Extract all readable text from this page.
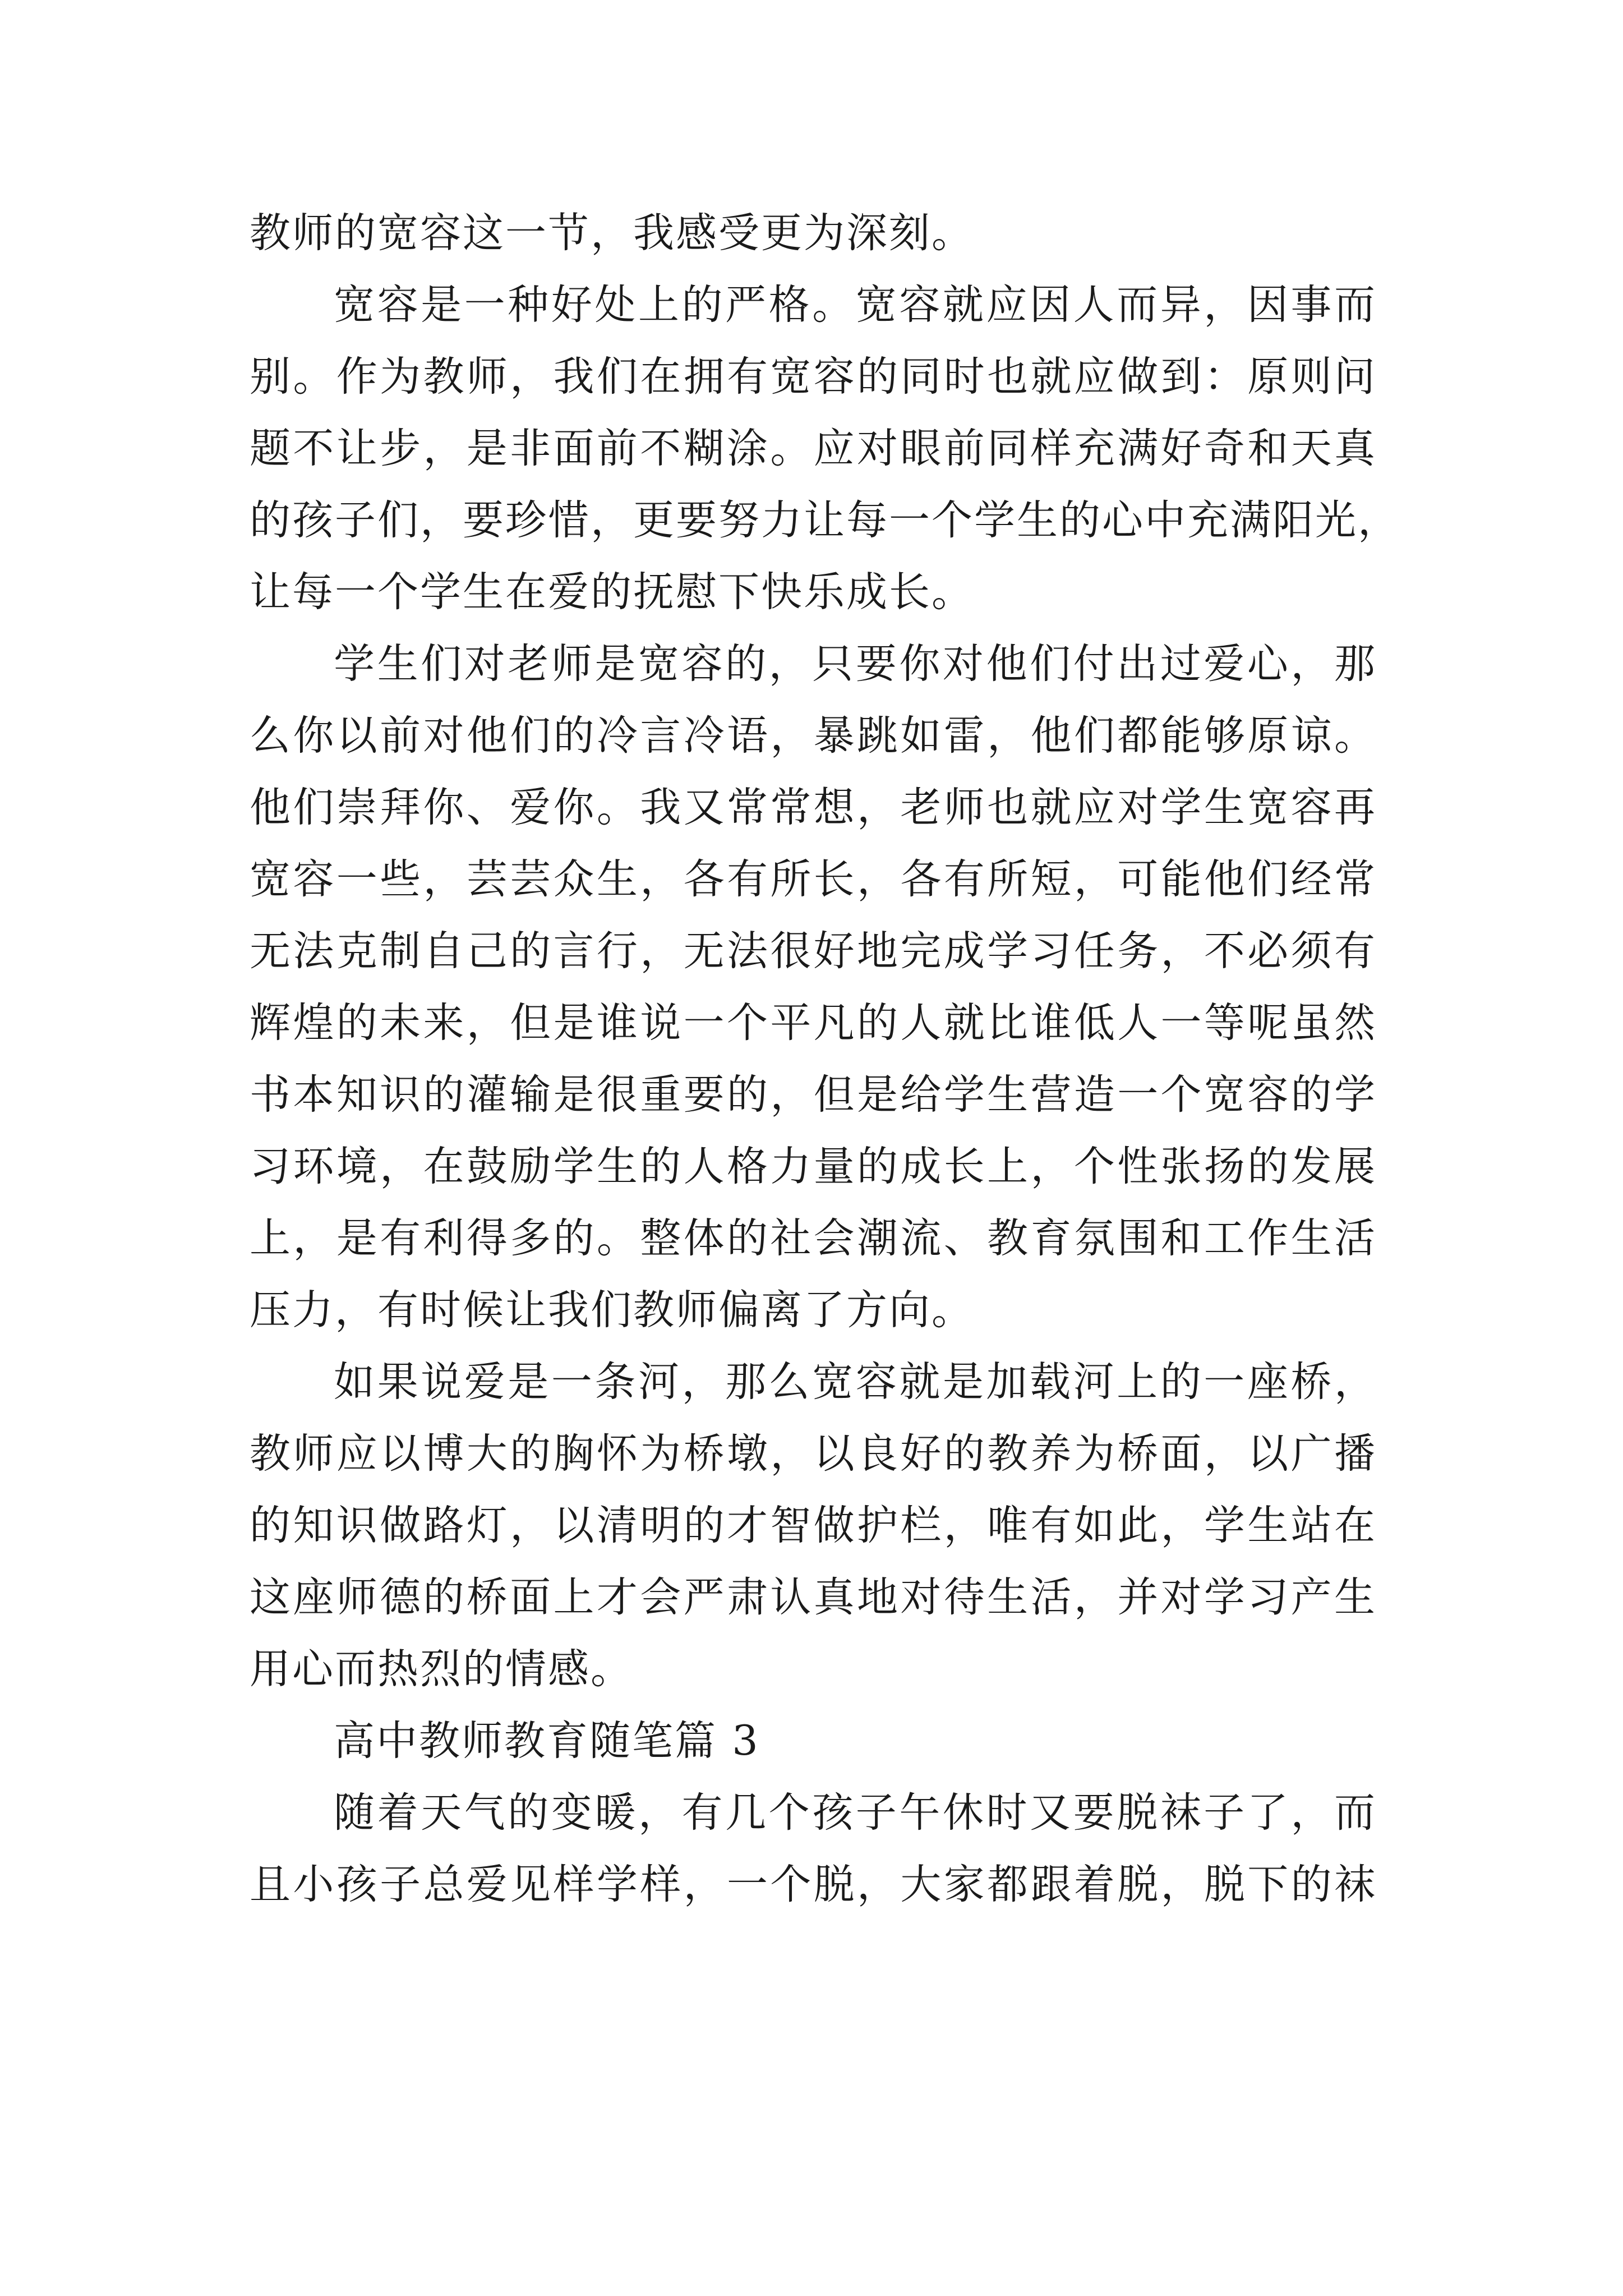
教师的宽容这一节，我感受更为深刻。
宽容是一种好处上的严格。宽容就应因人而异，因事而
别。作为教师，我们在拥有宽容的同时也就应做到：原则问
题不让步，是非面前不糊涂。应对眼前同样充满好奇和天真
的孩子们，要珍惜，更要努力让每一个学生的心中充满阳光，
让每一个学生在爱的抚慰下快乐成长。
学生们对老师是宽容的，只要你对他们付出过爱心，那
么你以前对他们的冷言冷语，暴跳如雷，他们都能够原谅。
他们崇拜你、爱你。我又常常想，老师也就应对学生宽容再
宽容一些，芸芸众生，各有所长，各有所短，可能他们经常
无法克制自己的言行，无法很好地完成学习任务，不必须有
辉煌的未来，但是谁说一个平凡的人就比谁低人一等呢虽然
书本知识的灌输是很重要的，但是给学生营造一个宽容的学
习环境，在鼓励学生的人格力量的成长上，个性张扬的发展
上，是有利得多的。整体的社会潮流、教育氛围和工作生活
压力，有时候让我们教师偏离了方向。
如果说爱是一条河，那么宽容就是加载河上的一座桥，
教师应以博大的胸怀为桥墩，以良好的教养为桥面，以广播
的知识做路灯，以清明的才智做护栏，唯有如此，学生站在
这座师德的桥面上才会严肃认真地对待生活，并对学习产生
用心而热烈的情感。
高中教师教育随笔篇 3
随着天气的变暖，有几个孩子午休时又要脱袜子了，而
且小孩子总爱见样学样，一个脱，大家都跟着脱，脱下的袜
